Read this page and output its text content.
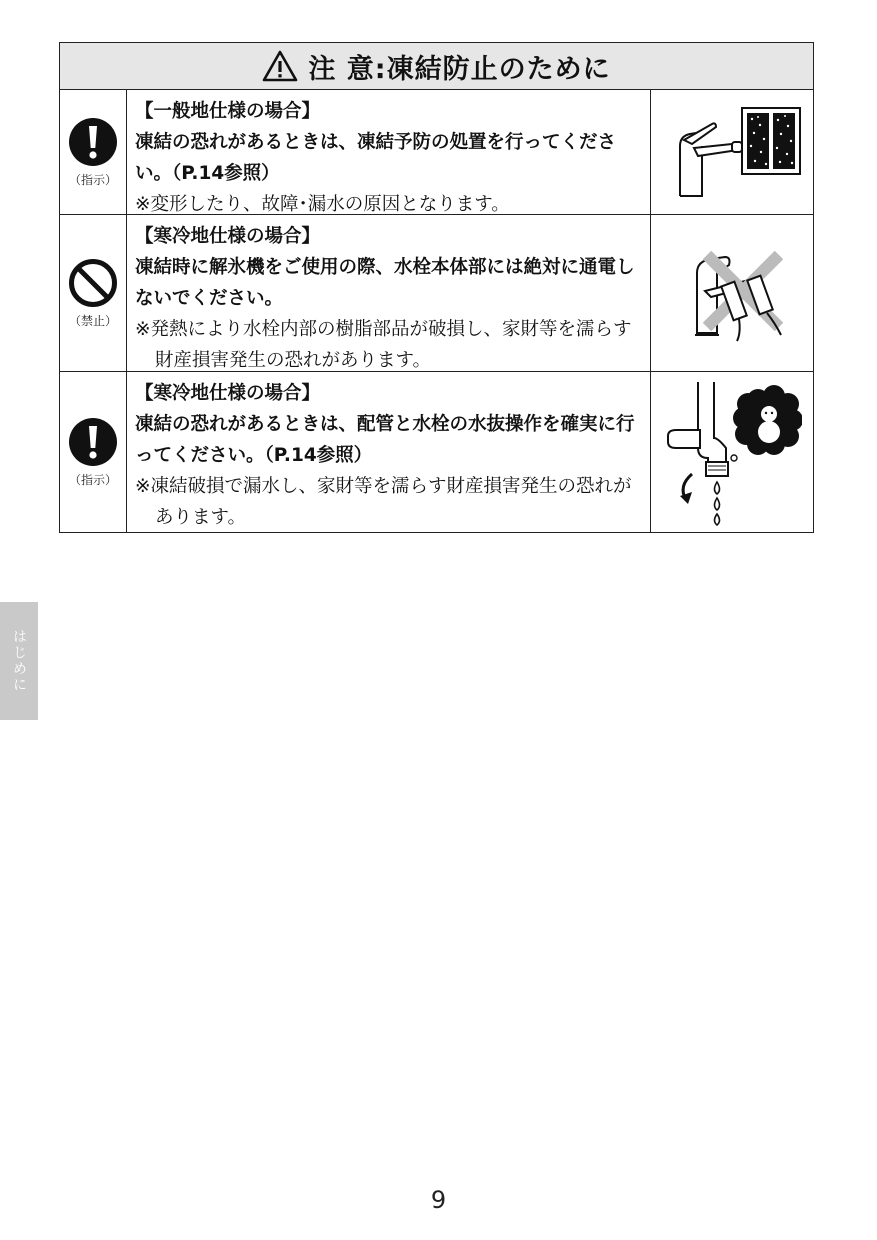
注 意:凍結防止のために
（指示）
【一般地仕様の場合】
凍結の恐れがあるときは、凍結予防の処置を行ってください。（P.14参照）
※変形したり、故障･漏水の原因となります。
（禁止）
【寒冷地仕様の場合】
凍結時に解氷機をご使用の際、水栓本体部には絶対に通電しないでください。
※発熱により水栓内部の樹脂部品が破損し、家財等を濡らす財産損害発生の恐れがあります。
（指示）
【寒冷地仕様の場合】
凍結の恐れがあるときは、配管と水栓の水抜操作を確実に行ってください。（P.14参照）
※凍結破損で漏水し、家財等を濡らす財産損害発生の恐れがあります。
はじめに
9
